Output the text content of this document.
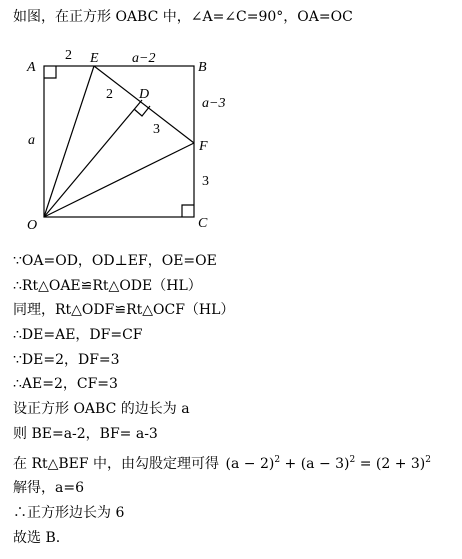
如图，在正方形 OABC 中，∠A=∠C=90°，OA=OC
A	B
C
O
E
D
F
2	a−2
a−3
3
a
2
3
∵OA=OD，OD⊥EF，OE=OE
∴Rt△OAE≌Rt△ODE（HL）
同理，Rt△ODF≌Rt△OCF（HL）
∴DE=AE，DF=CF
∵DE=2，DF=3
∴AE=2，CF=3
设正方形 OABC 的边长为 a
则 BE=a-2，BF= a-3
在 Rt△BEF 中，由勾股定理可得 $(a - 2)^2 + (a - 3)^2 = (2 + 3)^2$
解得，a=6
∴正方形边长为 6
故选 B.
